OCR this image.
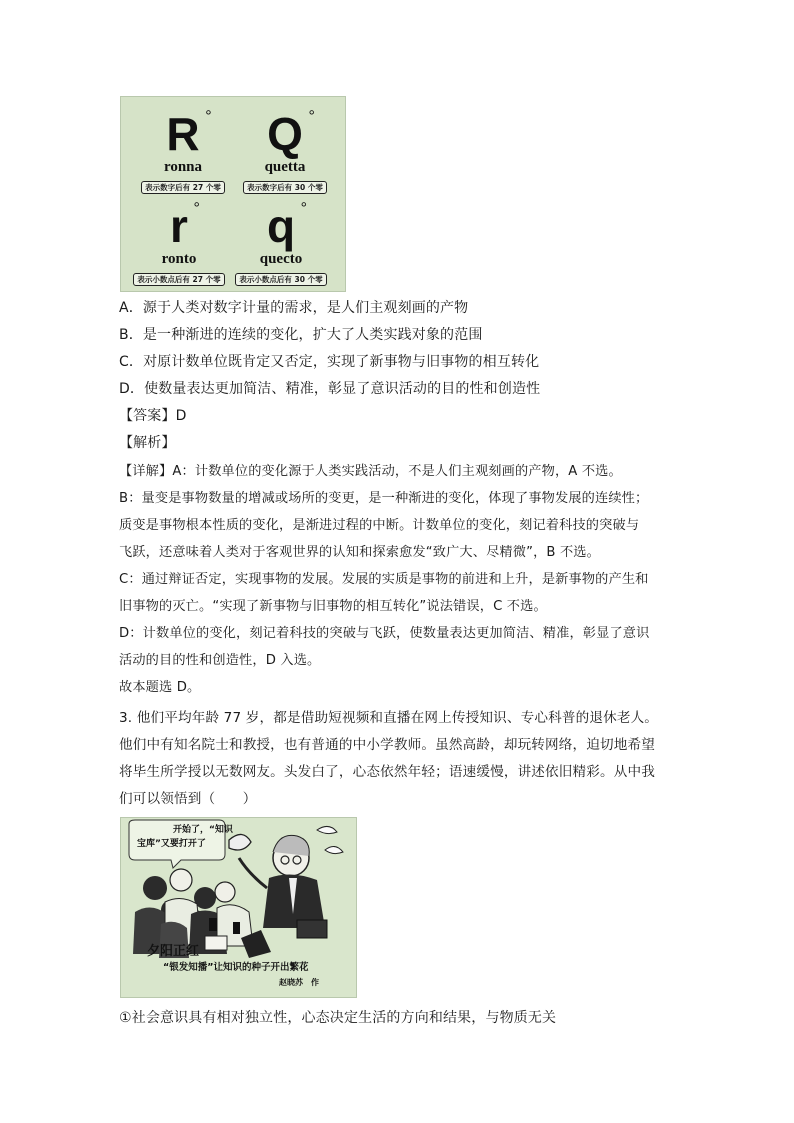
R °
ronna
表示数字后有 27 个零
Q °
quetta
表示数字后有 30 个零
r °
ronto
表示小数点后有 27 个零
q °
quecto
表示小数点后有 30 个零
A．源于人类对数字计量的需求，是人们主观刻画的产物
B．是一种渐进的连续的变化，扩大了人类实践对象的范围
C．对原计数单位既肯定又否定，实现了新事物与旧事物的相互转化
D．使数量表达更加简洁、精准，彰显了意识活动的目的性和创造性
【答案】D
【解析】
【详解】A：计数单位的变化源于人类实践活动，不是人们主观刻画的产物，A 不选。
B：量变是事物数量的增减或场所的变更，是一种渐进的变化，体现了事物发展的连续性；
质变是事物根本性质的变化，是渐进过程的中断。计数单位的变化，刻记着科技的突破与
飞跃，还意味着人类对于客观世界的认知和探索愈发“致广大、尽精微”，B 不选。
C：通过辩证否定，实现事物的发展。发展的实质是事物的前进和上升，是新事物的产生和
旧事物的灭亡。“实现了新事物与旧事物的相互转化”说法错误，C 不选。
D：计数单位的变化，刻记着科技的突破与飞跃，使数量表达更加简洁、精准，彰显了意识
活动的目的性和创造性，D 入选。
故本题选 D。
3. 他们平均年龄 77 岁，都是借助短视频和直播在网上传授知识、专心科普的退休老人。
他们中有知名院士和教授，也有普通的中小学教师。虽然高龄，却玩转网络，迫切地希望
将毕生所学授以无数网友。头发白了，心态依然年轻；语速缓慢，讲述依旧精彩。从中我
们可以领悟到（　　）
开始了，“知识
宝库”又要打开了
夕阳正红
“银发知播”让知识的种子开出繁花
赵晓苏　作
①社会意识具有相对独立性，心态决定生活的方向和结果，与物质无关
